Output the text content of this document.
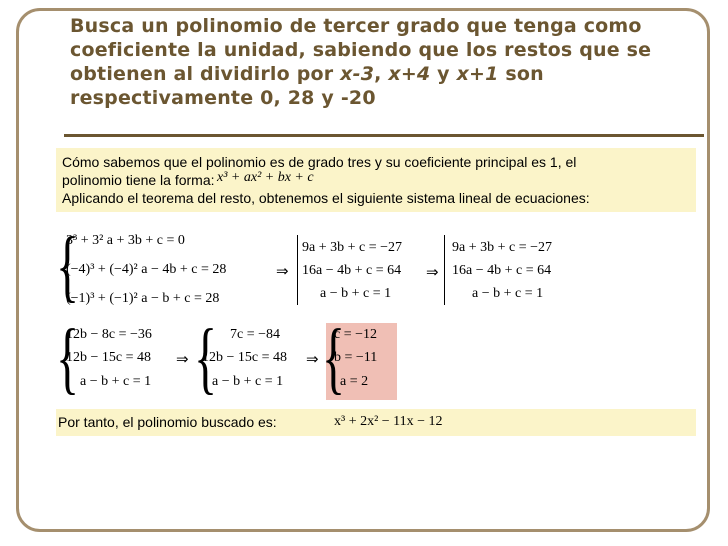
Busca un polinomio de tercer grado que tenga como
coeficiente la unidad, sabiendo que los restos que se
obtienen al dividirlo por x-3, x+4 y x+1 son
respectivamente 0, 28 y -20

Cómo sabemos que el polinomio es de grado tres y su coeficiente principal es 1, el
polinomio tiene la forma:
Aplicando el teorema del resto, obtenemos el siguiente sistema lineal de ecuaciones:

x³ + ax² + bx + c
{
3³ + 3² a + 3b + c = 0
(−4)³ + (−4)² a − 4b + c = 28
(−1)³ + (−1)² a − b + c = 28
⇒
9a + 3b + c = −27
16a − 4b + c = 64
a − b + c = 1
⇒
9a + 3b + c = −27
16a − 4b + c = 64
a − b + c = 1
{
12b − 8c = −36
12b − 15c = 48
a − b + c = 1
⇒ { 7c = −84
12b − 15c = 48
a − b + c = 1
⇒ {
c = −12
b = −11
a = 2

Por tanto, el polinomio buscado es:	x³ + 2x² − 11x − 12
